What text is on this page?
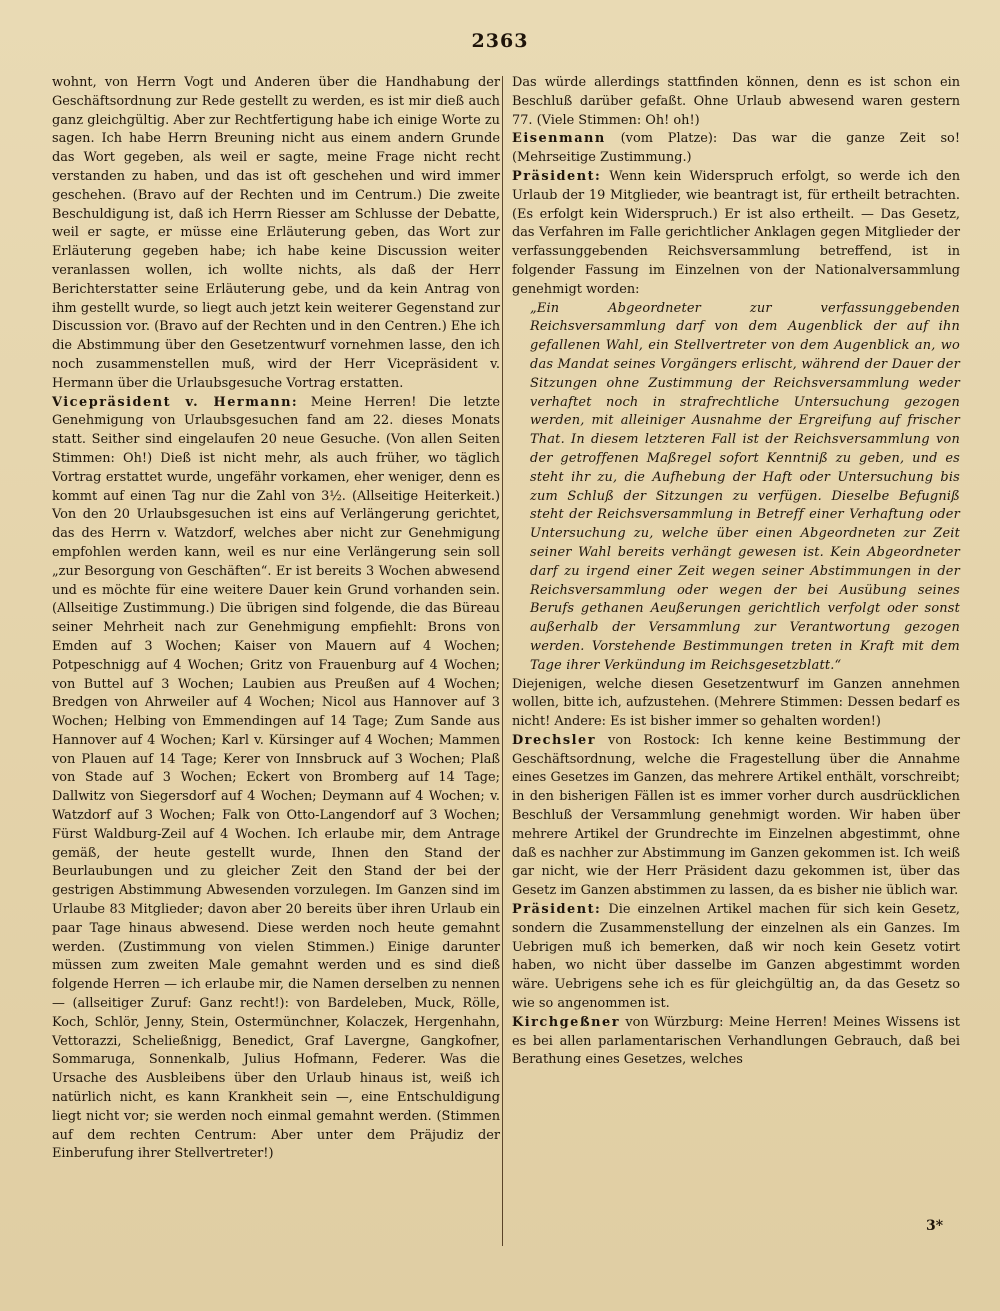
2363

wohnt, von Herrn Vogt und Anderen über die Handhabung der Geschäftsordnung zur Rede gestellt zu werden, es ist mir dieß auch ganz gleichgültig. Aber zur Rechtfertigung habe ich einige Worte zu sagen. Ich habe Herrn Breuning nicht aus einem andern Grunde das Wort gegeben, als weil er sagte, meine Frage nicht recht verstanden zu haben, und das ist oft geschehen und wird immer geschehen. (Bravo auf der Rechten und im Centrum.) Die zweite Beschuldigung ist, daß ich Herrn Riesser am Schlusse der Debatte, weil er sagte, er müsse eine Erläuterung geben, das Wort zur Erläuterung gegeben habe; ich habe keine Discussion weiter veranlassen wollen, ich wollte nichts, als daß der Herr Berichterstatter seine Erläuterung gebe, und da kein Antrag von ihm gestellt wurde, so liegt auch jetzt kein weiterer Gegenstand zur Discussion vor. (Bravo auf der Rechten und in den Centren.) Ehe ich die Abstimmung über den Gesetzentwurf vornehmen lasse, den ich noch zusammenstellen muß, wird der Herr Vicepräsident v. Hermann über die Urlaubsgesuche Vortrag erstatten.

Vicepräsident v. Hermann: Meine Herren! Die letzte Genehmigung von Urlaubsgesuchen fand am 22. dieses Monats statt. Seither sind eingelaufen 20 neue Gesuche. (Von allen Seiten Stimmen: Oh!) Dieß ist nicht mehr, als auch früher, wo täglich Vortrag erstattet wurde, ungefähr vorkamen, eher weniger, denn es kommt auf einen Tag nur die Zahl von 3½. (Allseitige Heiterkeit.) Von den 20 Urlaubsgesuchen ist eins auf Verlängerung gerichtet, das des Herrn v. Watzdorf, welches aber nicht zur Genehmigung empfohlen werden kann, weil es nur eine Verlängerung sein soll „zur Besorgung von Geschäften“. Er ist bereits 3 Wochen abwesend und es möchte für eine weitere Dauer kein Grund vorhanden sein. (Allseitige Zustimmung.) Die übrigen sind folgende, die das Büreau seiner Mehrheit nach zur Genehmigung empfiehlt: Brons von Emden auf 3 Wochen; Kaiser von Mauern auf 4 Wochen; Potpeschnigg auf 4 Wochen; Gritz von Frauenburg auf 4 Wochen; von Buttel auf 3 Wochen; Laubien aus Preußen auf 4 Wochen; Bredgen von Ahrweiler auf 4 Wochen; Nicol aus Hannover auf 3 Wochen; Helbing von Emmendingen auf 14 Tage; Zum Sande aus Hannover auf 4 Wochen; Karl v. Kürsinger auf 4 Wochen; Mammen von Plauen auf 14 Tage; Kerer von Innsbruck auf 3 Wochen; Plaß von Stade auf 3 Wochen; Eckert von Bromberg auf 14 Tage; Dallwitz von Siegersdorf auf 4 Wochen; Deymann auf 4 Wochen; v. Watzdorf auf 3 Wochen; Falk von Otto-Langendorf auf 3 Wochen; Fürst Waldburg-Zeil auf 4 Wochen. Ich erlaube mir, dem Antrage gemäß, der heute gestellt wurde, Ihnen den Stand der Beurlaubungen und zu gleicher Zeit den Stand der bei der gestrigen Abstimmung Abwesenden vorzulegen. Im Ganzen sind im Urlaube 83 Mitglieder; davon aber 20 bereits über ihren Urlaub ein paar Tage hinaus abwesend. Diese werden noch heute gemahnt werden. (Zustimmung von vielen Stimmen.) Einige darunter müssen zum zweiten Male gemahnt werden und es sind dieß folgende Herren — ich erlaube mir, die Namen derselben zu nennen — (allseitiger Zuruf: Ganz recht!): von Bardeleben, Muck, Rölle, Koch, Schlör, Jenny, Stein, Ostermünchner, Kolaczek, Hergenhahn, Vettorazzi, Scheließnigg, Benedict, Graf Lavergne, Gangkofner, Sommaruga, Sonnenkalb, Julius Hofmann, Federer. Was die Ursache des Ausbleibens über den Urlaub hinaus ist, weiß ich natürlich nicht, es kann Krankheit sein —, eine Entschuldigung liegt nicht vor; sie werden noch einmal gemahnt werden. (Stimmen auf dem rechten Centrum: Aber unter dem Präjudiz der Einberufung ihrer Stellvertreter!)

Das würde allerdings stattfinden können, denn es ist schon ein Beschluß darüber gefaßt. Ohne Urlaub abwesend waren gestern 77. (Viele Stimmen: Oh! oh!)

Eisenmann (vom Platze): Das war die ganze Zeit so! (Mehrseitige Zustimmung.)

Präsident: Wenn kein Widerspruch erfolgt, so werde ich den Urlaub der 19 Mitglieder, wie beantragt ist, für ertheilt betrachten. (Es erfolgt kein Widerspruch.) Er ist also ertheilt. — Das Gesetz, das Verfahren im Falle gerichtlicher Anklagen gegen Mitglieder der verfassunggebenden Reichsversammlung betreffend, ist in folgender Fassung im Einzelnen von der Nationalversammlung genehmigt worden:

„Ein Abgeordneter zur verfassunggebenden Reichsversammlung darf von dem Augenblick der auf ihn gefallenen Wahl, ein Stellvertreter von dem Augenblick an, wo das Mandat seines Vorgängers erlischt, während der Dauer der Sitzungen ohne Zustimmung der Reichsversammlung weder verhaftet noch in strafrechtliche Untersuchung gezogen werden, mit alleiniger Ausnahme der Ergreifung auf frischer That. In diesem letzteren Fall ist der Reichsversammlung von der getroffenen Maßregel sofort Kenntniß zu geben, und es steht ihr zu, die Aufhebung der Haft oder Untersuchung bis zum Schluß der Sitzungen zu verfügen. Dieselbe Befugniß steht der Reichsversammlung in Betreff einer Verhaftung oder Untersuchung zu, welche über einen Abgeordneten zur Zeit seiner Wahl bereits verhängt gewesen ist. Kein Abgeordneter darf zu irgend einer Zeit wegen seiner Abstimmungen in der Reichsversammlung oder wegen der bei Ausübung seines Berufs gethanen Aeußerungen gerichtlich verfolgt oder sonst außerhalb der Versammlung zur Verantwortung gezogen werden. Vorstehende Bestimmungen treten in Kraft mit dem Tage ihrer Verkündung im Reichsgesetzblatt.“

Diejenigen, welche diesen Gesetzentwurf im Ganzen annehmen wollen, bitte ich, aufzustehen. (Mehrere Stimmen: Dessen bedarf es nicht! Andere: Es ist bisher immer so gehalten worden!)

Drechsler von Rostock: Ich kenne keine Bestimmung der Geschäftsordnung, welche die Fragestellung über die Annahme eines Gesetzes im Ganzen, das mehrere Artikel enthält, vorschreibt; in den bisherigen Fällen ist es immer vorher durch ausdrücklichen Beschluß der Versammlung genehmigt worden. Wir haben über mehrere Artikel der Grundrechte im Einzelnen abgestimmt, ohne daß es nachher zur Abstimmung im Ganzen gekommen ist. Ich weiß gar nicht, wie der Herr Präsident dazu gekommen ist, über das Gesetz im Ganzen abstimmen zu lassen, da es bisher nie üblich war.

Präsident: Die einzelnen Artikel machen für sich kein Gesetz, sondern die Zusammenstellung der einzelnen als ein Ganzes. Im Uebrigen muß ich bemerken, daß wir noch kein Gesetz votirt haben, wo nicht über dasselbe im Ganzen abgestimmt worden wäre. Uebrigens sehe ich es für gleichgültig an, da das Gesetz so wie so angenommen ist.

Kirchgeßner von Würzburg: Meine Herren! Meines Wissens ist es bei allen parlamentarischen Verhandlungen Gebrauch, daß bei Berathung eines Gesetzes, welches

3*
